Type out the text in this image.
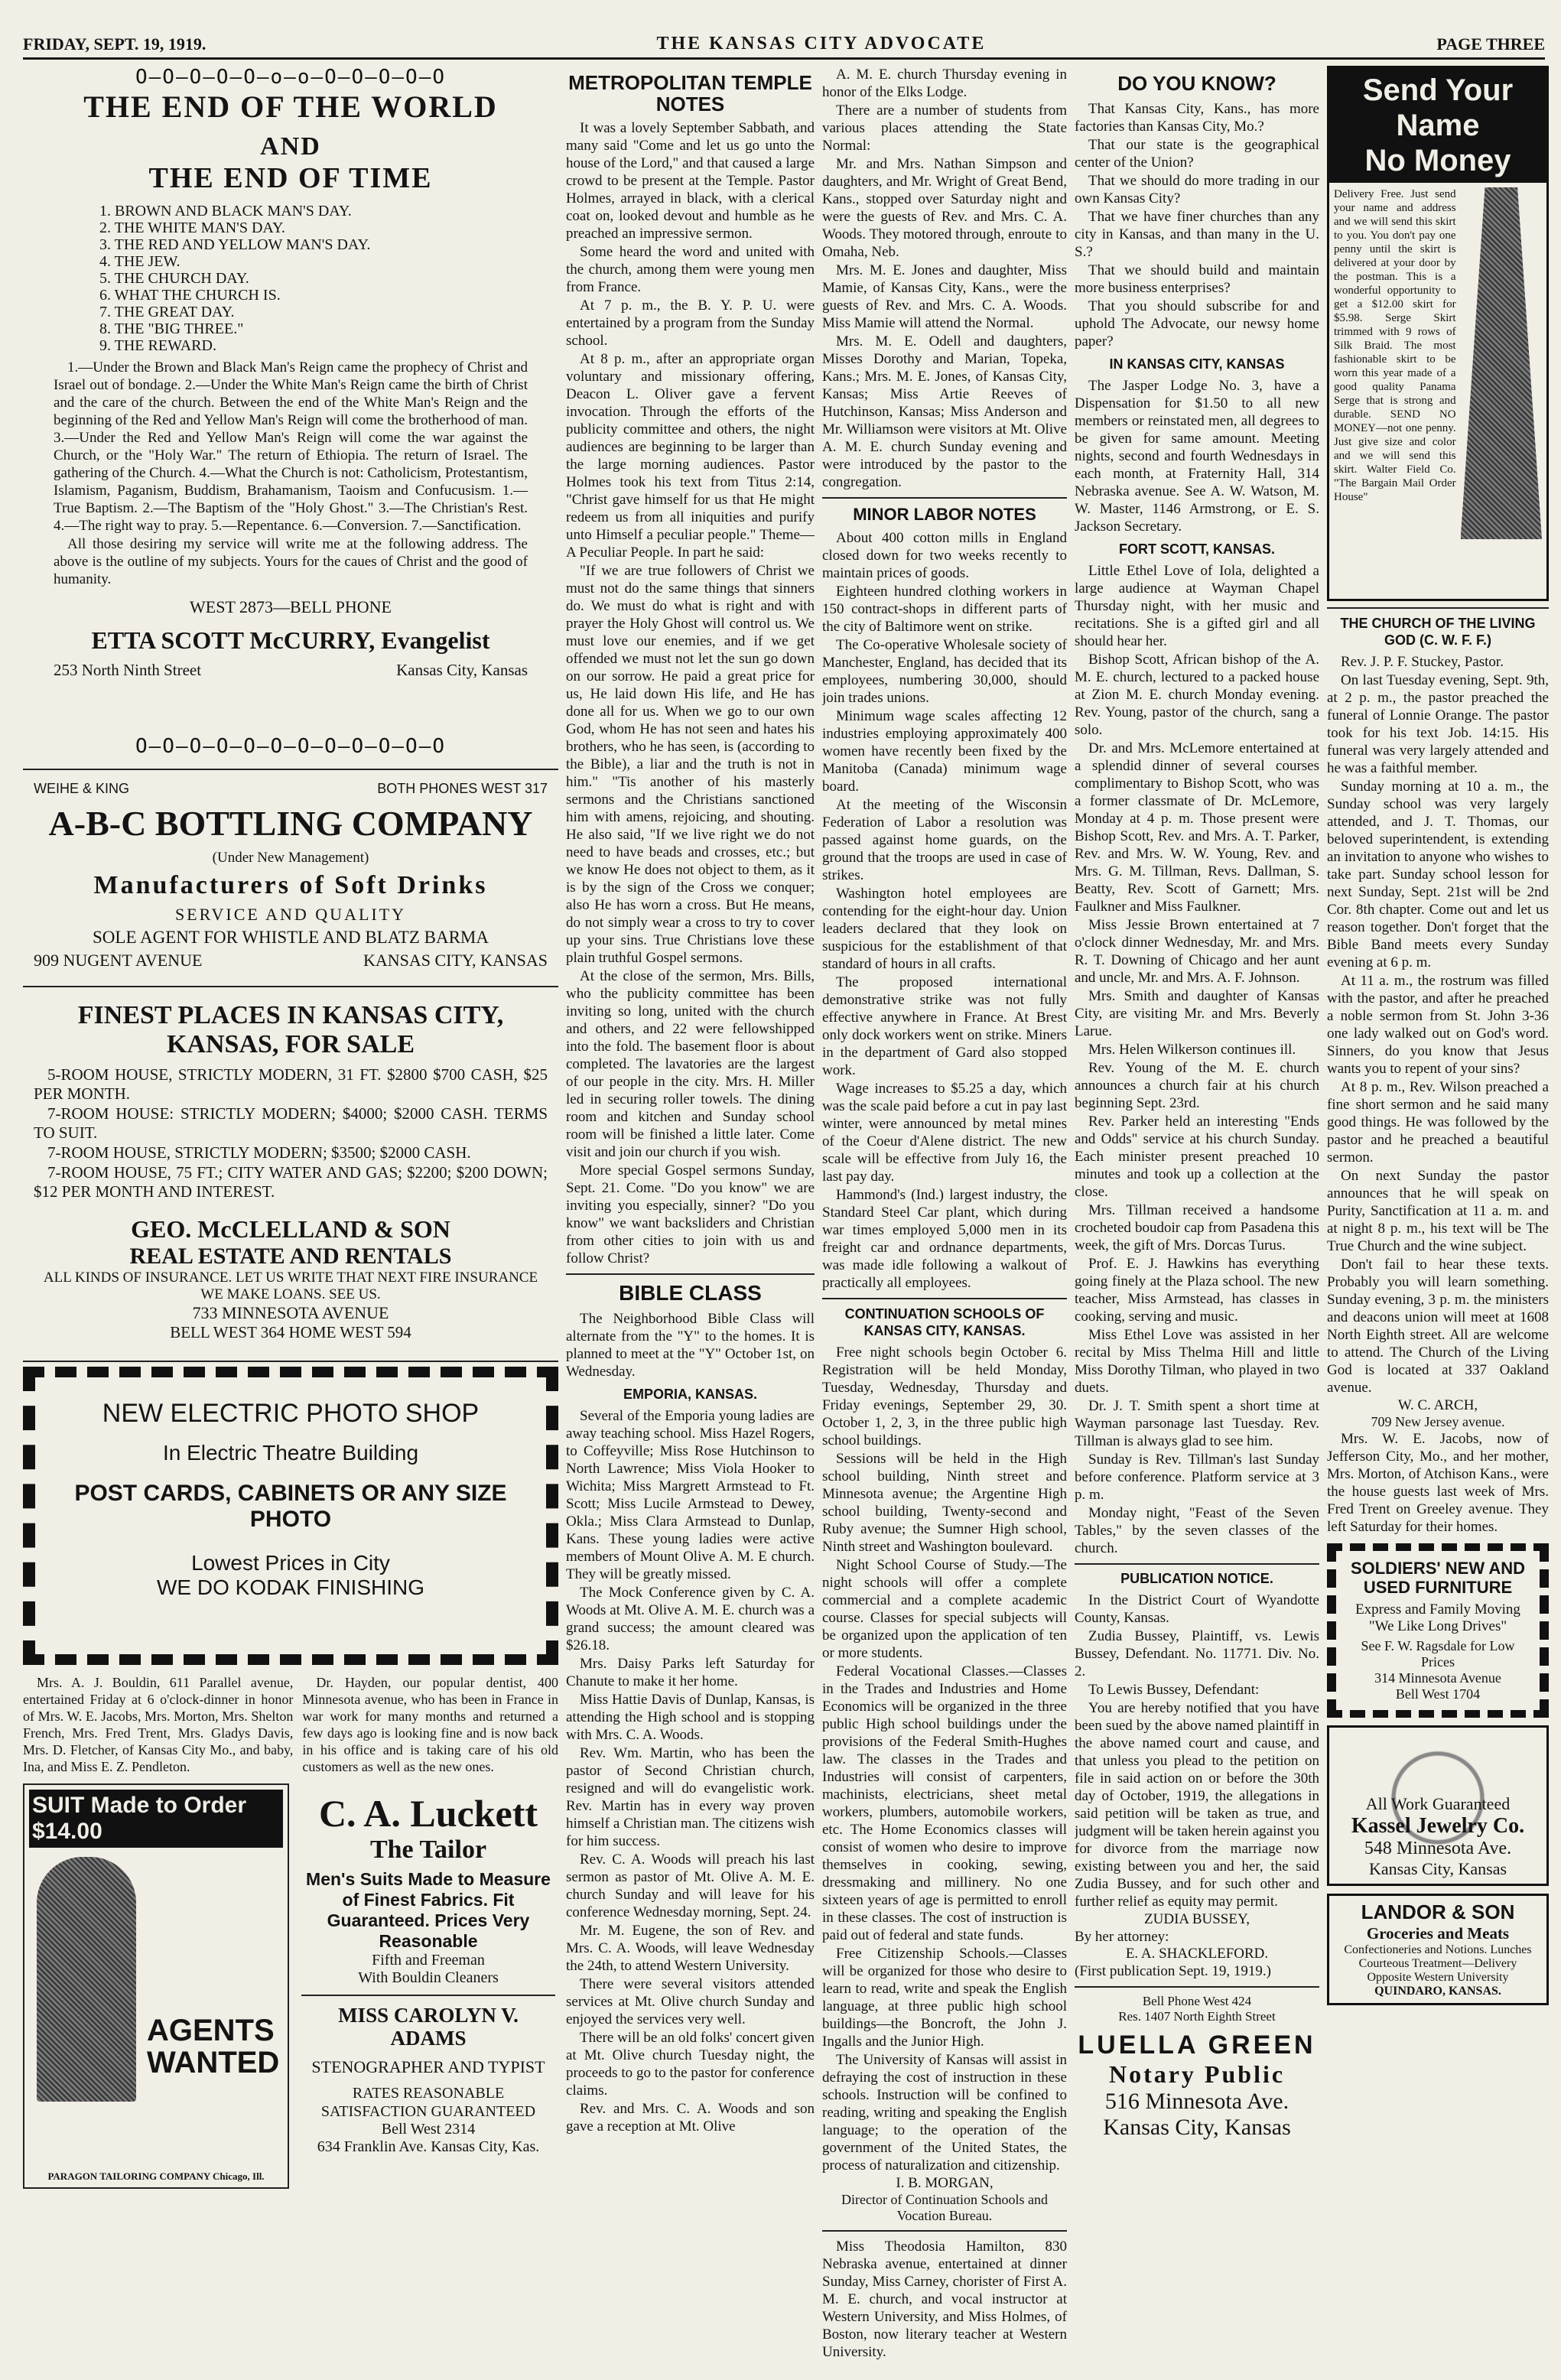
FRIDAY, SEPT. 19, 1919.	THE KANSAS CITY ADVOCATE	PAGE THREE
O—O—O—O—O—o—o—O—O—O—O—O
THE END OF THE WORLD
AND
THE END OF TIME
1. BROWN AND BLACK MAN'S DAY.
2. THE WHITE MAN'S DAY.
3. THE RED AND YELLOW MAN'S DAY.
4. THE JEW.
5. THE CHURCH DAY.
6. WHAT THE CHURCH IS.
7. THE GREAT DAY.
8. THE "BIG THREE."
9. THE REWARD.

1.—Under the Brown and Black Man's Reign came the prophecy of Christ and Israel out of bondage. 2.—Under the White Man's Reign came the birth of Christ and the care of the church. Between the end of the White Man's Reign and the beginning of the Red and Yellow Man's Reign will come the brotherhood of man. 3.—Under the Red and Yellow Man's Reign will come the war against the Church, or the "Holy War." The return of Ethiopia. The return of Israel. The gathering of the Church. 4.—What the Church is not: Catholicism, Protestantism, Islamism, Paganism, Buddism, Brahamanism, Taoism and Confucusism. 1.—True Baptism. 2.—The Baptism of the "Holy Ghost." 3.—The Christian's Rest. 4.—The right way to pray. 5.—Repentance. 6.—Conversion. 7.—Sanctification.

All those desiring my service will write me at the following address. The above is the outline of my subjects. Yours for the caues of Christ and the good of humanity.

WEST 2873—BELL PHONE
ETTA SCOTT McCURRY, Evangelist
253 North Ninth Street	Kansas City, Kansas
O—O—O—O—O—O—O—O—O—O—O—O
WEIHE & KING	BOTH PHONES WEST 317
A-B-C BOTTLING COMPANY
(Under New Management)
Manufacturers of Soft Drinks
SERVICE AND QUALITY
SOLE AGENT FOR WHISTLE AND BLATZ BARMA
909 NUGENT AVENUE	KANSAS CITY, KANSAS
FINEST PLACES IN KANSAS CITY, KANSAS, FOR SALE

5-ROOM HOUSE, STRICTLY MODERN, 31 FT. $2800 $700 CASH, $25 PER MONTH.

7-ROOM HOUSE: STRICTLY MODERN; $4000; $2000 CASH. TERMS TO SUIT.

7-ROOM HOUSE, STRICTLY MODERN; $3500; $2000 CASH.

7-ROOM HOUSE, 75 FT.; CITY WATER AND GAS; $2200; $200 DOWN; $12 PER MONTH AND INTEREST.

GEO. McCLELLAND & SON
REAL ESTATE AND RENTALS
ALL KINDS OF INSURANCE. LET US WRITE THAT NEXT FIRE INSURANCE WE MAKE LOANS. SEE US.
733 MINNESOTA AVENUE
BELL WEST 364 HOME WEST 594
NEW ELECTRIC PHOTO SHOP
In Electric Theatre Building
POST CARDS, CABINETS OR ANY SIZE PHOTO
Lowest Prices in City
WE DO KODAK FINISHING

Mrs. A. J. Bouldin, 611 Parallel avenue, entertained Friday at 6 o'clock-dinner in honor of Mrs. W. E. Jacobs, Mrs. Morton, Mrs. Shelton French, Mrs. Fred Trent, Mrs. Gladys Davis, Mrs. D. Fletcher, of Kansas City Mo., and baby, Ina, and Miss E. Z. Pendleton.

Dr. Hayden, our popular dentist, 400 Minnesota avenue, who has been in France in war work for many months and returned a few days ago is looking fine and is now back in his office and is taking care of his old customers as well as the new ones.

SUIT Made to Order $14.00
AGENTS WANTED
PARAGON TAILORING COMPANY Chicago, Ill.
C. A. Luckett
The Tailor
Men's Suits Made to Measure of Finest Fabrics. Fit Guaranteed. Prices Very Reasonable
Fifth and Freeman
With Bouldin Cleaners
MISS CAROLYN V. ADAMS
STENOGRAPHER AND TYPIST
RATES REASONABLE SATISFACTION GUARANTEED
Bell West 2314
634 Franklin Ave. Kansas City, Kas.
METROPOLITAN TEMPLE NOTES

It was a lovely September Sabbath, and many said "Come and let us go unto the house of the Lord," and that caused a large crowd to be present at the Temple. Pastor Holmes, arrayed in black, with a clerical coat on, looked devout and humble as he preached an impressive sermon.

Some heard the word and united with the church, among them were young men from France.

At 7 p. m., the B. Y. P. U. were entertained by a program from the Sunday school.

At 8 p. m., after an appropriate organ voluntary and missionary offering, Deacon L. Oliver gave a fervent invocation. Through the efforts of the publicity committee and others, the night audiences are beginning to be larger than the large morning audiences. Pastor Holmes took his text from Titus 2:14, "Christ gave himself for us that He might redeem us from all iniquities and purify unto Himself a peculiar people." Theme—A Peculiar People. In part he said:

"If we are true followers of Christ we must not do the same things that sinners do. We must do what is right and with prayer the Holy Ghost will control us. We must love our enemies, and if we get offended we must not let the sun go down on our sorrow. He paid a great price for us, He laid down His life, and He has done all for us. When we go to our own God, whom He has not seen and hates his brothers, who he has seen, is (according to the Bible), a liar and the truth is not in him." "Tis another of his masterly sermons and the Christians sanctioned him with amens, rejoicing, and shouting. He also said, "If we live right we do not need to have beads and crosses, etc.; but we know He does not object to them, as it is by the sign of the Cross we conquer; also He has worn a cross. But He means, do not simply wear a cross to try to cover up your sins. True Christians love these plain truthful Gospel sermons.

At the close of the sermon, Mrs. Bills, who the publicity committee has been inviting so long, united with the church and others, and 22 were fellowshipped into the fold. The basement floor is about completed. The lavatories are the largest of our people in the city. Mrs. H. Miller led in securing roller towels. The dining room and kitchen and Sunday school room will be finished a little later. Come visit and join our church if you wish.

More special Gospel sermons Sunday, Sept. 21. Come. "Do you know" we are inviting you especially, sinner? "Do you know" we want backsliders and Christian from other cities to join with us and follow Christ?

BIBLE CLASS

The Neighborhood Bible Class will alternate from the "Y" to the homes. It is planned to meet at the "Y" October 1st, on Wednesday.

EMPORIA, KANSAS.

Several of the Emporia young ladies are away teaching school. Miss Hazel Rogers, to Coffeyville; Miss Rose Hutchinson to North Lawrence; Miss Viola Hooker to Wichita; Miss Margrett Armstead to Ft. Scott; Miss Lucile Armstead to Dewey, Okla.; Miss Clara Armstead to Dunlap, Kans. These young ladies were active members of Mount Olive A. M. E church. They will be greatly missed.

The Mock Conference given by C. A. Woods at Mt. Olive A. M. E. church was a grand success; the amount cleared was $26.18.

Mrs. Daisy Parks left Saturday for Chanute to make it her home.

Miss Hattie Davis of Dunlap, Kansas, is attending the High school and is stopping with Mrs. C. A. Woods.

Rev. Wm. Martin, who has been the pastor of Second Christian church, resigned and will do evangelistic work. Rev. Martin has in every way proven himself a Christian man. The citizens wish for him success.

Rev. C. A. Woods will preach his last sermon as pastor of Mt. Olive A. M. E. church Sunday and will leave for his conference Wednesday morning, Sept. 24.

Mr. M. Eugene, the son of Rev. and Mrs. C. A. Woods, will leave Wednesday the 24th, to attend Western University.

There were several visitors attended services at Mt. Olive church Sunday and enjoyed the services very well.

There will be an old folks' concert given at Mt. Olive church Tuesday night, the proceeds to go to the pastor for conference claims.

Rev. and Mrs. C. A. Woods and son gave a reception at Mt. Olive

A. M. E. church Thursday evening in honor of the Elks Lodge.

There are a number of students from various places attending the State Normal:

Mr. and Mrs. Nathan Simpson and daughters, and Mr. Wright of Great Bend, Kans., stopped over Saturday night and were the guests of Rev. and Mrs. C. A. Woods. They motored through, enroute to Omaha, Neb.

Mrs. M. E. Jones and daughter, Miss Mamie, of Kansas City, Kans., were the guests of Rev. and Mrs. C. A. Woods. Miss Mamie will attend the Normal.

Mrs. M. E. Odell and daughters, Misses Dorothy and Marian, Topeka, Kans.; Mrs. M. E. Jones, of Kansas City, Kansas; Miss Artie Reeves of Hutchinson, Kansas; Miss Anderson and Mr. Williamson were visitors at Mt. Olive A. M. E. church Sunday evening and were introduced by the pastor to the congregation.

MINOR LABOR NOTES

About 400 cotton mills in England closed down for two weeks recently to maintain prices of goods.

Eighteen hundred clothing workers in 150 contract-shops in different parts of the city of Baltimore went on strike.

The Co-operative Wholesale society of Manchester, England, has decided that its employees, numbering 30,000, should join trades unions.

Minimum wage scales affecting 12 industries employing approximately 400 women have recently been fixed by the Manitoba (Canada) minimum wage board.

At the meeting of the Wisconsin Federation of Labor a resolution was passed against home guards, on the ground that the troops are used in case of strikes.

Washington hotel employees are contending for the eight-hour day. Union leaders declared that they look on suspicious for the establishment of that standard of hours in all crafts.

The proposed international demonstrative strike was not fully effective anywhere in France. At Brest only dock workers went on strike. Miners in the department of Gard also stopped work.

Wage increases to $5.25 a day, which was the scale paid before a cut in pay last winter, were announced by metal mines of the Coeur d'Alene district. The new scale will be effective from July 16, the last pay day.

Hammond's (Ind.) largest industry, the Standard Steel Car plant, which during war times employed 5,000 men in its freight car and ordnance departments, was made idle following a walkout of practically all employees.

CONTINUATION SCHOOLS OF KANSAS CITY, KANSAS.

Free night schools begin October 6. Registration will be held Monday, Tuesday, Wednesday, Thursday and Friday evenings, September 29, 30. October 1, 2, 3, in the three public high school buildings.

Sessions will be held in the High school building, Ninth street and Minnesota avenue; the Argentine High school building, Twenty-second and Ruby avenue; the Sumner High school, Ninth street and Washington boulevard.

Night School Course of Study.—The night schools will offer a complete commercial and a complete academic course. Classes for special subjects will be organized upon the application of ten or more students.

Federal Vocational Classes.—Classes in the Trades and Industries and Home Economics will be organized in the three public High school buildings under the provisions of the Federal Smith-Hughes law. The classes in the Trades and Industries will consist of carpenters, machinists, electricians, sheet metal workers, plumbers, automobile workers, etc. The Home Economics classes will consist of women who desire to improve themselves in cooking, sewing, dressmaking and millinery. No one sixteen years of age is permitted to enroll in these classes. The cost of instruction is paid out of federal and state funds.

Free Citizenship Schools.—Classes will be organized for those who desire to learn to read, write and speak the English language, at three public high school buildings—the Boncroft, the John J. Ingalls and the Junior High.

The University of Kansas will assist in defraying the cost of instruction in these schools. Instruction will be confined to reading, writing and speaking the English language; to the operation of the government of the United States, the process of naturalization and citizenship.

I. B. MORGAN,
Director of Continuation Schools and Vocation Bureau.

Miss Theodosia Hamilton, 830 Nebraska avenue, entertained at dinner Sunday, Miss Carney, chorister of First A. M. E. church, and vocal instructor at Western University, and Miss Holmes, of Boston, now literary teacher at Western University.

DO YOU KNOW?

That Kansas City, Kans., has more factories than Kansas City, Mo.?

That our state is the geographical center of the Union?

That we should do more trading in our own Kansas City?

That we have finer churches than any city in Kansas, and than many in the U. S.?

That we should build and maintain more business enterprises?

That you should subscribe for and uphold The Advocate, our newsy home paper?

IN KANSAS CITY, KANSAS

The Jasper Lodge No. 3, have a Dispensation for $1.50 to all new members or reinstated men, all degrees to be given for same amount. Meeting nights, second and fourth Wednesdays in each month, at Fraternity Hall, 314 Nebraska avenue. See A. W. Watson, M. W. Master, 1146 Armstrong, or E. S. Jackson Secretary.

FORT SCOTT, KANSAS.

Little Ethel Love of Iola, delighted a large audience at Wayman Chapel Thursday night, with her music and recitations. She is a gifted girl and all should hear her.

Bishop Scott, African bishop of the A. M. E. church, lectured to a packed house at Zion M. E. church Monday evening. Rev. Young, pastor of the church, sang a solo.

Dr. and Mrs. McLemore entertained at a splendid dinner of several courses complimentary to Bishop Scott, who was a former classmate of Dr. McLemore, Monday at 4 p. m. Those present were Bishop Scott, Rev. and Mrs. A. T. Parker, Rev. and Mrs. W. W. Young, Rev. and Mrs. G. M. Tillman, Revs. Dallman, S. Beatty, Rev. Scott of Garnett; Mrs. Faulkner and Miss Faulkner.

Miss Jessie Brown entertained at 7 o'clock dinner Wednesday, Mr. and Mrs. R. T. Downing of Chicago and her aunt and uncle, Mr. and Mrs. A. F. Johnson.

Mrs. Smith and daughter of Kansas City, are visiting Mr. and Mrs. Beverly Larue.

Mrs. Helen Wilkerson continues ill.

Rev. Young of the M. E. church announces a church fair at his church beginning Sept. 23rd.

Rev. Parker held an interesting "Ends and Odds" service at his church Sunday. Each minister present preached 10 minutes and took up a collection at the close.

Mrs. Tillman received a handsome crocheted boudoir cap from Pasadena this week, the gift of Mrs. Dorcas Turus.

Prof. E. J. Hawkins has everything going finely at the Plaza school. The new teacher, Miss Armstead, has classes in cooking, serving and music.

Miss Ethel Love was assisted in her recital by Miss Thelma Hill and little Miss Dorothy Tilman, who played in two duets.

Dr. J. T. Smith spent a short time at Wayman parsonage last Tuesday. Rev. Tillman is always glad to see him.

Sunday is Rev. Tillman's last Sunday before conference. Platform service at 3 p. m.

Monday night, "Feast of the Seven Tables," by the seven classes of the church.

PUBLICATION NOTICE.

In the District Court of Wyandotte County, Kansas.

Zudia Bussey, Plaintiff, vs. Lewis Bussey, Defendant. No. 11771. Div. No. 2.

To Lewis Bussey, Defendant:

You are hereby notified that you have been sued by the above named plaintiff in the above named court and cause, and that unless you plead to the petition on file in said action on or before the 30th day of October, 1919, the allegations in said petition will be taken as true, and judgment will be taken herein against you for divorce from the marriage now existing between you and her, the said Zudia Bussey, and for such other and further relief as equity may permit.

ZUDIA BUSSEY,

By her attorney:

E. A. SHACKLEFORD.

(First publication Sept. 19, 1919.)

Bell Phone West 424
Res. 1407 North Eighth Street
LUELLA GREEN
Notary Public
516 Minnesota Ave.
Kansas City, Kansas
Send Your Name
No Money

Delivery Free. Just send your name and address and we will send this skirt to you. You don't pay one penny until the skirt is delivered at your door by the postman. This is a wonderful opportunity to get a $12.00 skirt for $5.98. Serge Skirt trimmed with 9 rows of Silk Braid. The most fashionable skirt to be worn this year made of a good quality Panama Serge that is strong and durable. SEND NO MONEY—not one penny. Just give size and color and we will send this skirt. Walter Field Co. "The Bargain Mail Order House"

THE CHURCH OF THE LIVING GOD (C. W. F. F.)

Rev. J. P. F. Stuckey, Pastor.

On last Tuesday evening, Sept. 9th, at 2 p. m., the pastor preached the funeral of Lonnie Orange. The pastor took for his text Job. 14:15. His funeral was very largely attended and he was a faithful member.

Sunday morning at 10 a. m., the Sunday school was very largely attended, and J. T. Thomas, our beloved superintendent, is extending an invitation to anyone who wishes to take part. Sunday school lesson for next Sunday, Sept. 21st will be 2nd Cor. 8th chapter. Come out and let us reason together. Don't forget that the Bible Band meets every Sunday evening at 6 p. m.

At 11 a. m., the rostrum was filled with the pastor, and after he preached a noble sermon from St. John 3-36 one lady walked out on God's word. Sinners, do you know that Jesus wants you to repent of your sins?

At 8 p. m., Rev. Wilson preached a fine short sermon and he said many good things. He was followed by the pastor and he preached a beautiful sermon.

On next Sunday the pastor announces that he will speak on Purity, Sanctification at 11 a. m. and at night 8 p. m., his text will be The True Church and the wine subject.

Don't fail to hear these texts. Probably you will learn something. Sunday evening, 3 p. m. the ministers and deacons union will meet at 1608 North Eighth street. All are welcome to attend. The Church of the Living God is located at 337 Oakland avenue.

W. C. ARCH,
709 New Jersey avenue.

Mrs. W. E. Jacobs, now of Jefferson City, Mo., and her mother, Mrs. Morton, of Atchison Kans., were the house guests last week of Mrs. Fred Trent on Greeley avenue. They left Saturday for their homes.

SOLDIERS' NEW AND USED FURNITURE
Express and Family Moving "We Like Long Drives"
See F. W. Ragsdale for Low Prices
314 Minnesota Avenue
Bell West 1704
All Work Guaranteed
Kassel Jewelry Co.
548 Minnesota Ave.
Kansas City, Kansas
LANDOR & SON
Groceries and Meats
Confectioneries and Notions. Lunches
Courteous Treatment—Delivery
Opposite Western University
QUINDARO, KANSAS.
